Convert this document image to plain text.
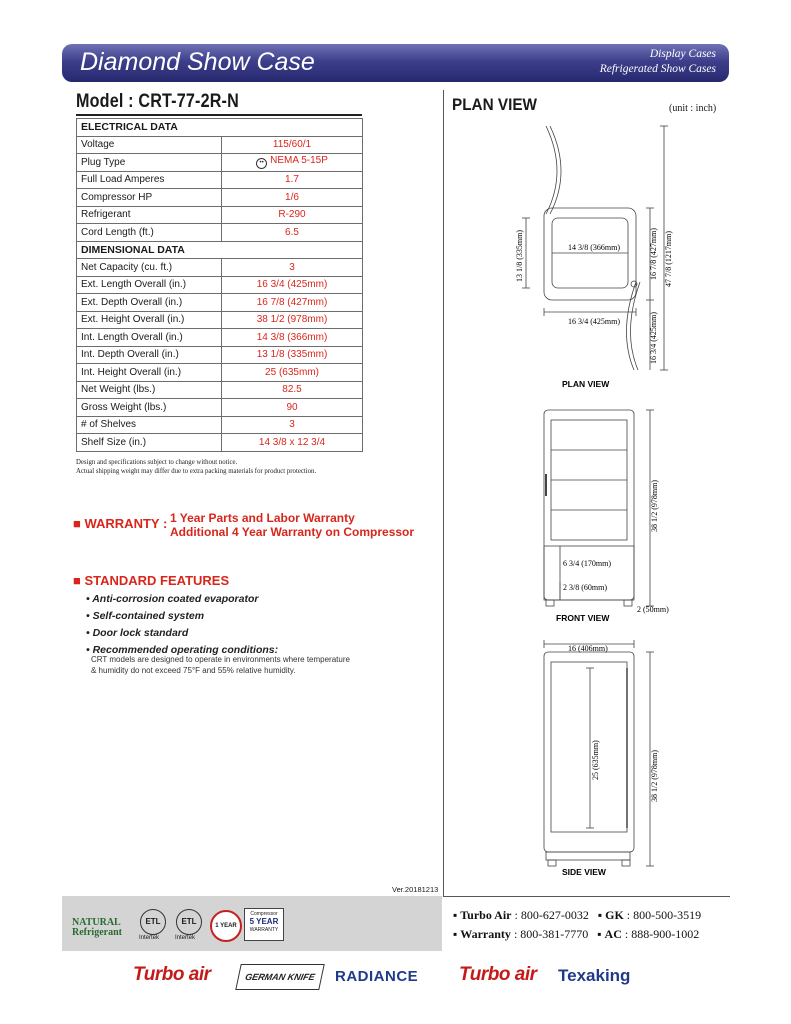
Diamond Show Case	Display Cases
Refrigerated Show Cases
Model : CRT-77-2R-N	PLAN VIEW	(unit : inch)
ELECTRICAL DATA	
Voltage	115/60/1
Plug Type	•• NEMA 5-15P
Full Load Amperes	1.7
Compressor HP	1/6
Refrigerant	R-290
Cord Length (ft.)	6.5
DIMENSIONAL DATA	
Net Capacity (cu. ft.)	3
Ext. Length Overall (in.)	16 3/4 (425mm)
Ext. Depth Overall (in.)	16 7/8 (427mm)
Ext. Height Overall (in.)	38 1/2 (978mm)
Int. Length Overall (in.)	14 3/8 (366mm)
Int. Depth Overall (in.)	13 1/8 (335mm)
Int. Height Overall (in.)	25 (635mm)
Net Weight (lbs.)	82.5
Gross Weight (lbs.)	90
# of Shelves	3
Shelf Size (in.)	14 3/8 x 12 3/4
Design and specifications subject to change without notice.
Actual shipping weight may differ due to extra packing materials for product protection.
■ WARRANTY : 1 Year Parts and Labor Warranty
Additional 4 Year Warranty on Compressor
■ STANDARD FEATURES
• Anti-corrosion coated evaporator
• Self-contained system
• Door lock standard
• Recommended operating conditions:
CRT models are designed to operate in environments where temperature
& humidity do not exceed 75°F and 55% relative humidity.
PLAN VIEW
FRONT VIEW
SIDE VIEW
14 3/8 (366mm)
13 1/8 (335mm)
16 3/4 (425mm)
16 7/8 (427mm) 47 7/8 (1217mm)
16 3/4 (425mm)
38 1/2 (978mm)
6 3/4 (170mm)
2 3/8 (60mm)
2 (50mm)
16 (406mm)
25 (635mm)	38 1/2 (978mm)
Ver.20181213
NATURAL
Refrigerant
ETL
Intertek
ETL
Intertek
1 YEAR
Compressor
5 YEAR
WARRANTY
▪ Turbo Air : 800-627-0032 ▪ GK : 800-500-3519
▪ Warranty : 800-381-7770 ▪ AC : 888-900-1002
Turbo air	GERMAN KNIFE	RADIANCE Turbo air Texaking
